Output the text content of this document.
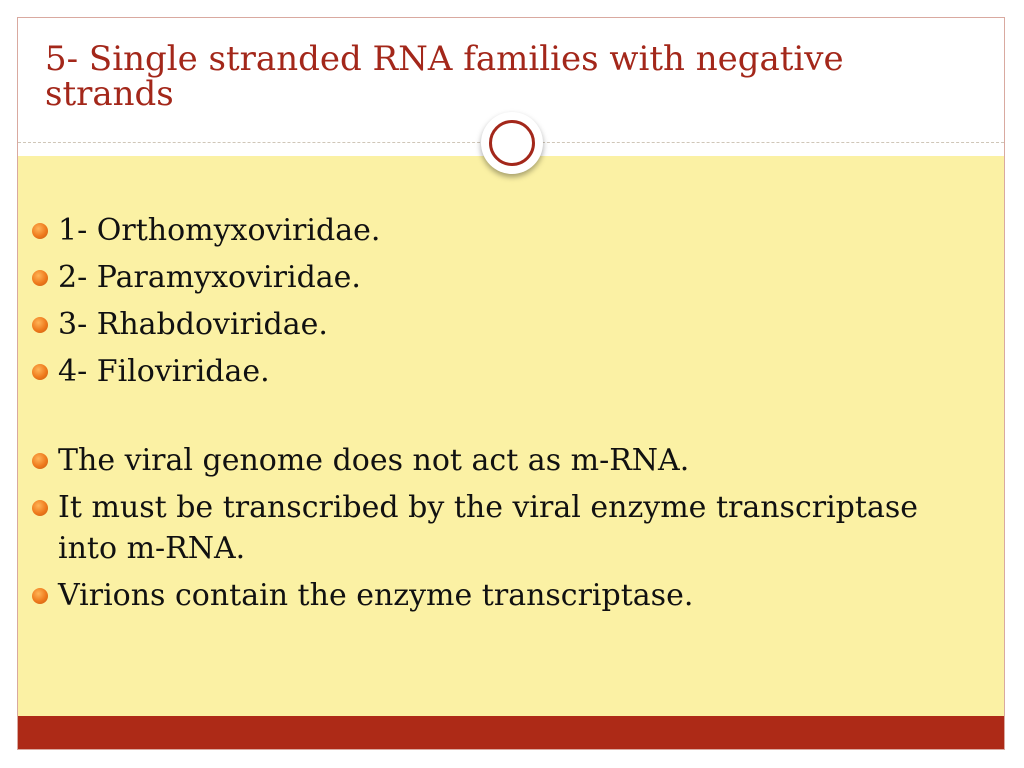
5- Single stranded RNA families with negative strands
1- Orthomyxoviridae.
2- Paramyxoviridae.
3- Rhabdoviridae.
4- Filoviridae.
The viral genome does not act as m-RNA.
It must be transcribed by the viral enzyme transcriptase into m-RNA.
Virions contain the enzyme transcriptase.
